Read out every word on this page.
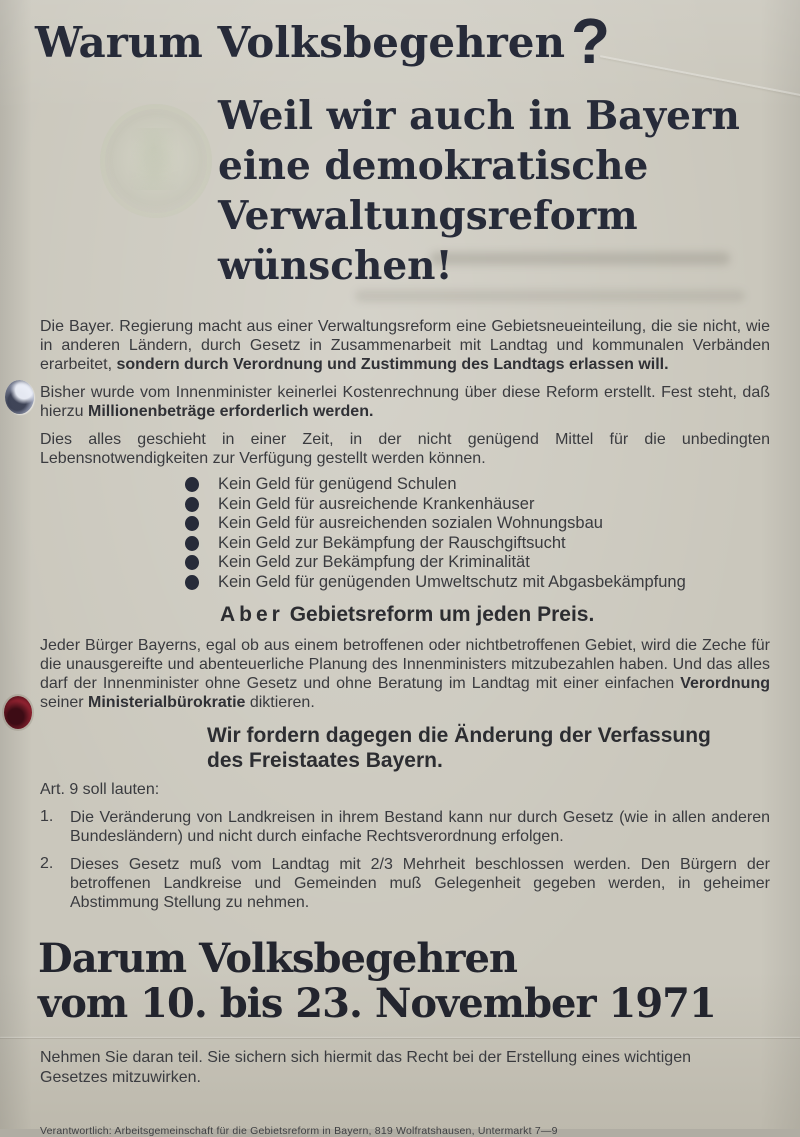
Warum Volksbegehren?
Weil wir auch in Bayern
eine demokratische
Verwaltungsreform
wünschen!
Die Bayer. Regierung macht aus einer Verwaltungsreform eine Gebietsneueinteilung, die sie nicht, wie in anderen Ländern, durch Gesetz in Zusammenarbeit mit Landtag und kommunalen Verbänden erarbeitet, sondern durch Verordnung und Zustimmung des Landtags erlassen will.
Bisher wurde vom Innenminister keinerlei Kostenrechnung über diese Reform erstellt. Fest steht, daß hierzu Millionenbeträge erforderlich werden.
Dies alles geschieht in einer Zeit, in der nicht genügend Mittel für die unbedingten Lebensnotwendigkeiten zur Verfügung gestellt werden können.
Kein Geld für genügend Schulen
Kein Geld für ausreichende Krankenhäuser
Kein Geld für ausreichenden sozialen Wohnungsbau
Kein Geld zur Bekämpfung der Rauschgiftsucht
Kein Geld zur Bekämpfung der Kriminalität
Kein Geld für genügenden Umweltschutz mit Abgasbekämpfung
Aber Gebietsreform um jeden Preis.
Jeder Bürger Bayerns, egal ob aus einem betroffenen oder nichtbetroffenen Gebiet, wird die Zeche für die unausgereifte und abenteuerliche Planung des Innenministers mitzubezahlen haben. Und das alles darf der Innenminister ohne Gesetz und ohne Beratung im Landtag mit einer einfachen Verordnung seiner Ministerialbürokratie diktieren.
Wir fordern dagegen die Änderung der Verfassung
des Freistaates Bayern.
Art. 9 soll lauten:
1.	Die Veränderung von Landkreisen in ihrem Bestand kann nur durch Gesetz (wie in allen anderen Bundesländern) und nicht durch einfache Rechtsverordnung erfolgen.
2.	Dieses Gesetz muß vom Landtag mit 2/3 Mehrheit beschlossen werden. Den Bürgern der betroffenen Landkreise und Gemeinden muß Gelegenheit gegeben werden, in geheimer Abstimmung Stellung zu nehmen.
Darum Volksbegehren
vom 10. bis 23. November 1971
Nehmen Sie daran teil. Sie sichern sich hiermit das Recht bei der Erstellung eines wichtigen Gesetzes mitzuwirken.
Verantwortlich: Arbeitsgemeinschaft für die Gebietsreform in Bayern, 819 Wolfratshausen, Untermarkt 7—9
